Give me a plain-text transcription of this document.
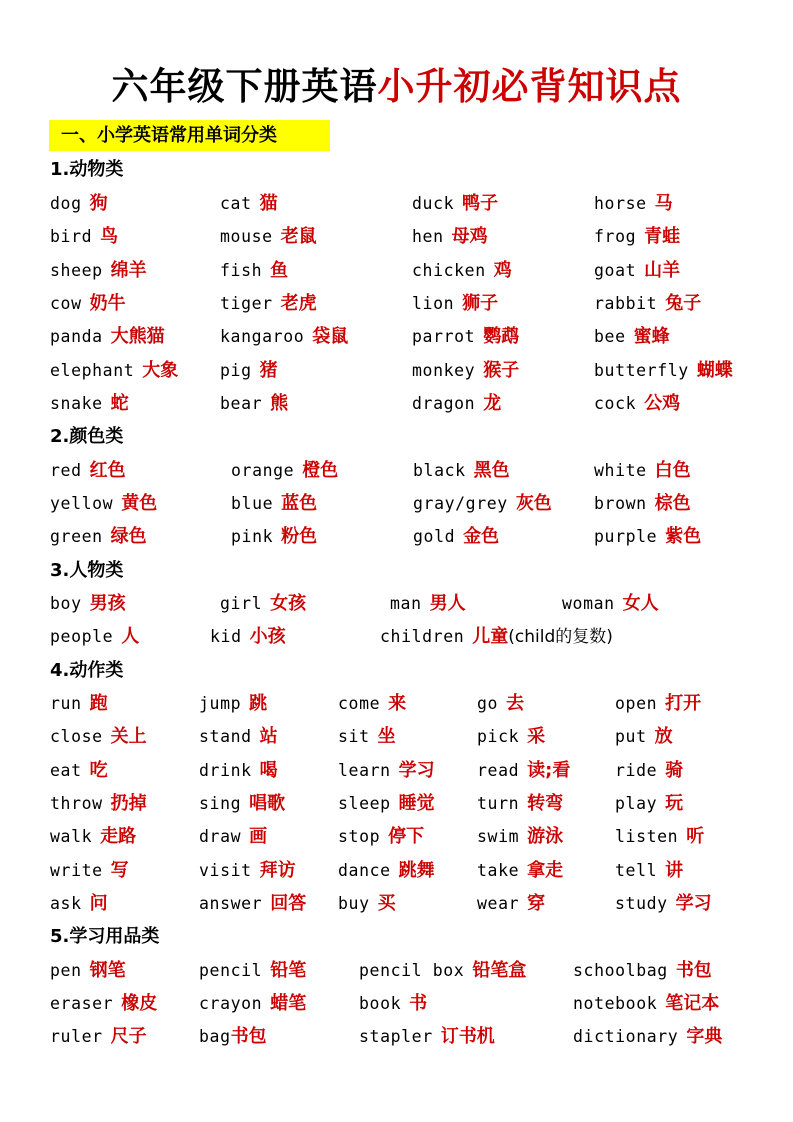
六年级下册英语小升初必背知识点
一、小学英语常用单词分类
1.动物类
2.颜色类
3.人物类
4.动作类
5.学习用品类
dog 狗	cat 猫	duck 鸭子	horse 马
bird 鸟	mouse 老鼠	hen 母鸡	frog 青蛙
sheep 绵羊	fish 鱼	chicken 鸡	goat 山羊
cow 奶牛	tiger 老虎	lion 狮子	rabbit 兔子
panda 大熊猫	kangaroo 袋鼠	parrot 鹦鹉	bee 蜜蜂
elephant 大象	pig 猪	monkey 猴子	butterfly 蝴蝶
snake 蛇	bear 熊	dragon 龙	cock 公鸡
red 红色	orange 橙色	black 黑色	white 白色
yellow 黄色	blue 蓝色	gray/grey 灰色	brown 棕色
green 绿色	pink 粉色	gold 金色	purple 紫色
boy 男孩	girl 女孩	man 男人	woman 女人
people 人	kid 小孩	children 儿童(child的复数)
run 跑	jump 跳	come 来	go 去	open 打开
close 关上	stand 站	sit 坐	pick 采	put 放
eat 吃	drink 喝	learn 学习	read 读;看	ride 骑
throw 扔掉	sing 唱歌	sleep 睡觉	turn 转弯	play 玩
walk 走路	draw 画	stop 停下	swim 游泳	listen 听
write 写	visit 拜访	dance 跳舞	take 拿走	tell 讲
ask 问	answer 回答 buy 买	wear 穿	study 学习
pen 钢笔	pencil 铅笔	pencil box 铅笔盒	schoolbag 书包
eraser 橡皮	crayon 蜡笔	book 书	notebook 笔记本
ruler 尺子	bag书包	stapler 订书机	dictionary 字典
